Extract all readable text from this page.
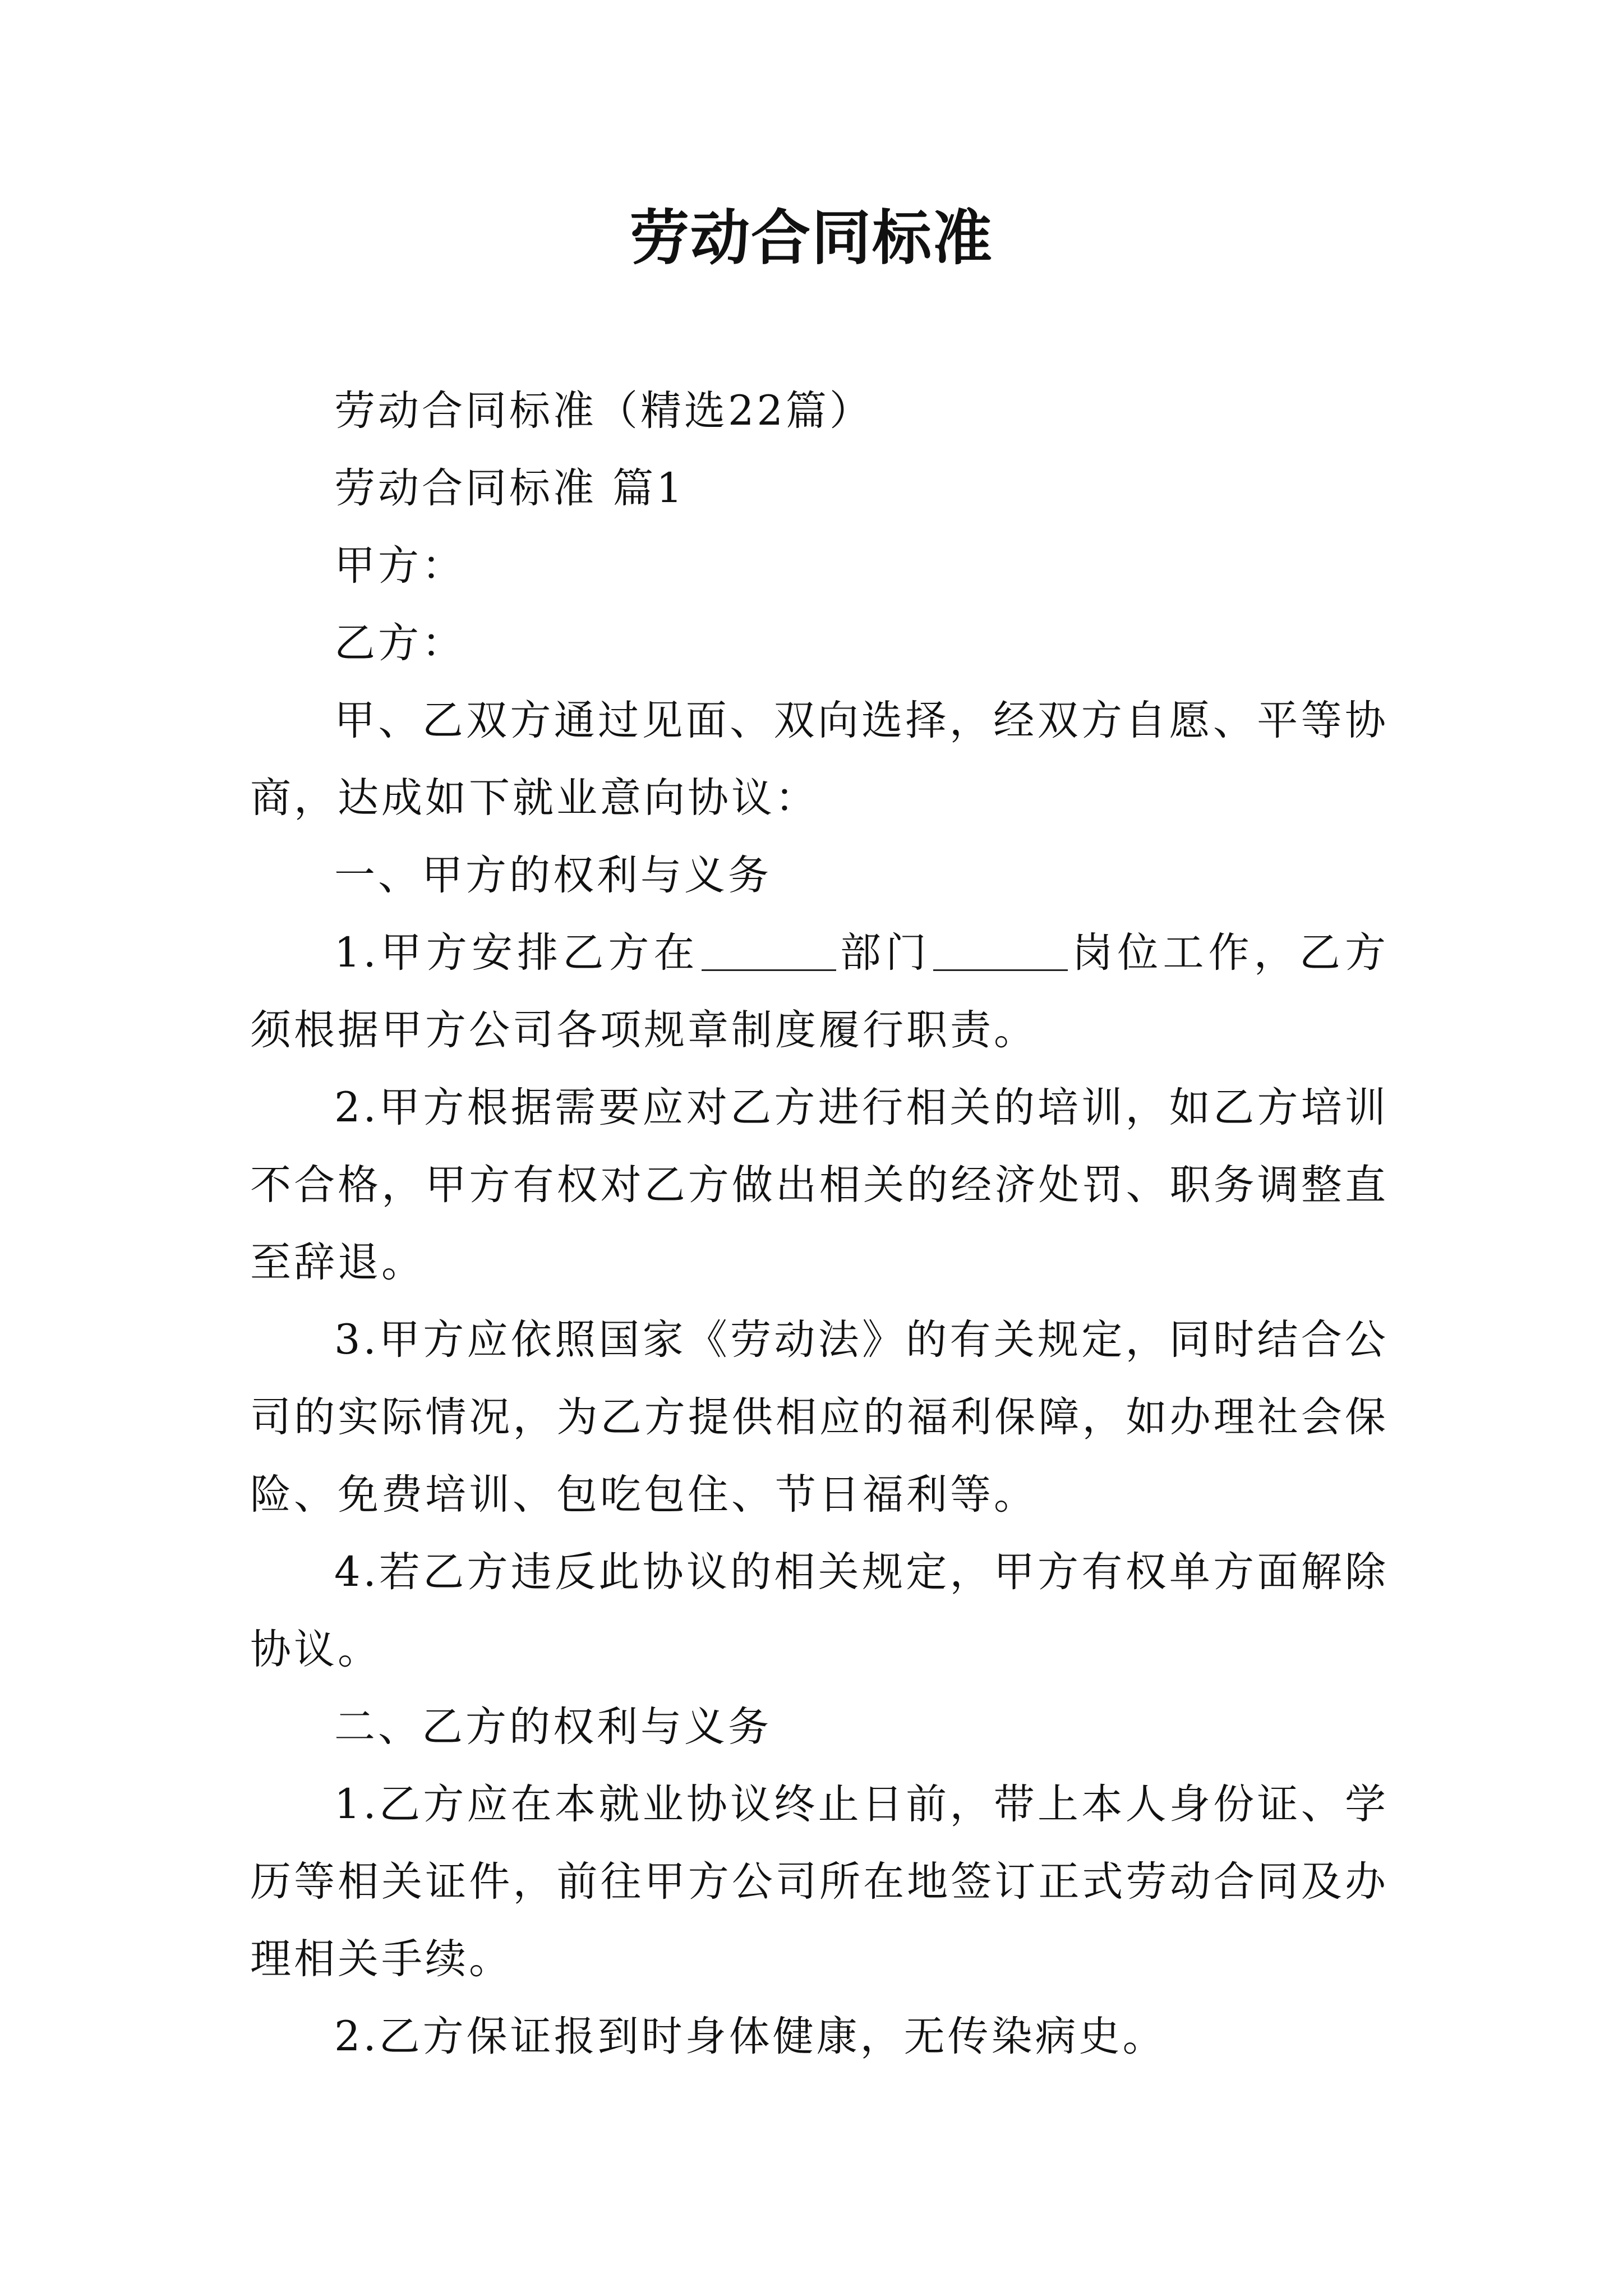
劳动合同标准

劳动合同标准（精选22篇）

劳动合同标准 篇1

甲方：

乙方：

甲、乙双方通过见面、双向选择，经双方自愿、平等协商，达成如下就业意向协议：

一、甲方的权利与义务

1.甲方安排乙方在	部门	岗位工作，乙方须根据甲方公司各项规章制度履行职责。

2.甲方根据需要应对乙方进行相关的培训，如乙方培训不合格，甲方有权对乙方做出相关的经济处罚、职务调整直至辞退。

3.甲方应依照国家《劳动法》的有关规定，同时结合公司的实际情况，为乙方提供相应的福利保障，如办理社会保险、免费培训、包吃包住、节日福利等。

4.若乙方违反此协议的相关规定，甲方有权单方面解除协议。

二、乙方的权利与义务

1.乙方应在本就业协议终止日前，带上本人身份证、学历等相关证件，前往甲方公司所在地签订正式劳动合同及办理相关手续。

2.乙方保证报到时身体健康，无传染病史。
